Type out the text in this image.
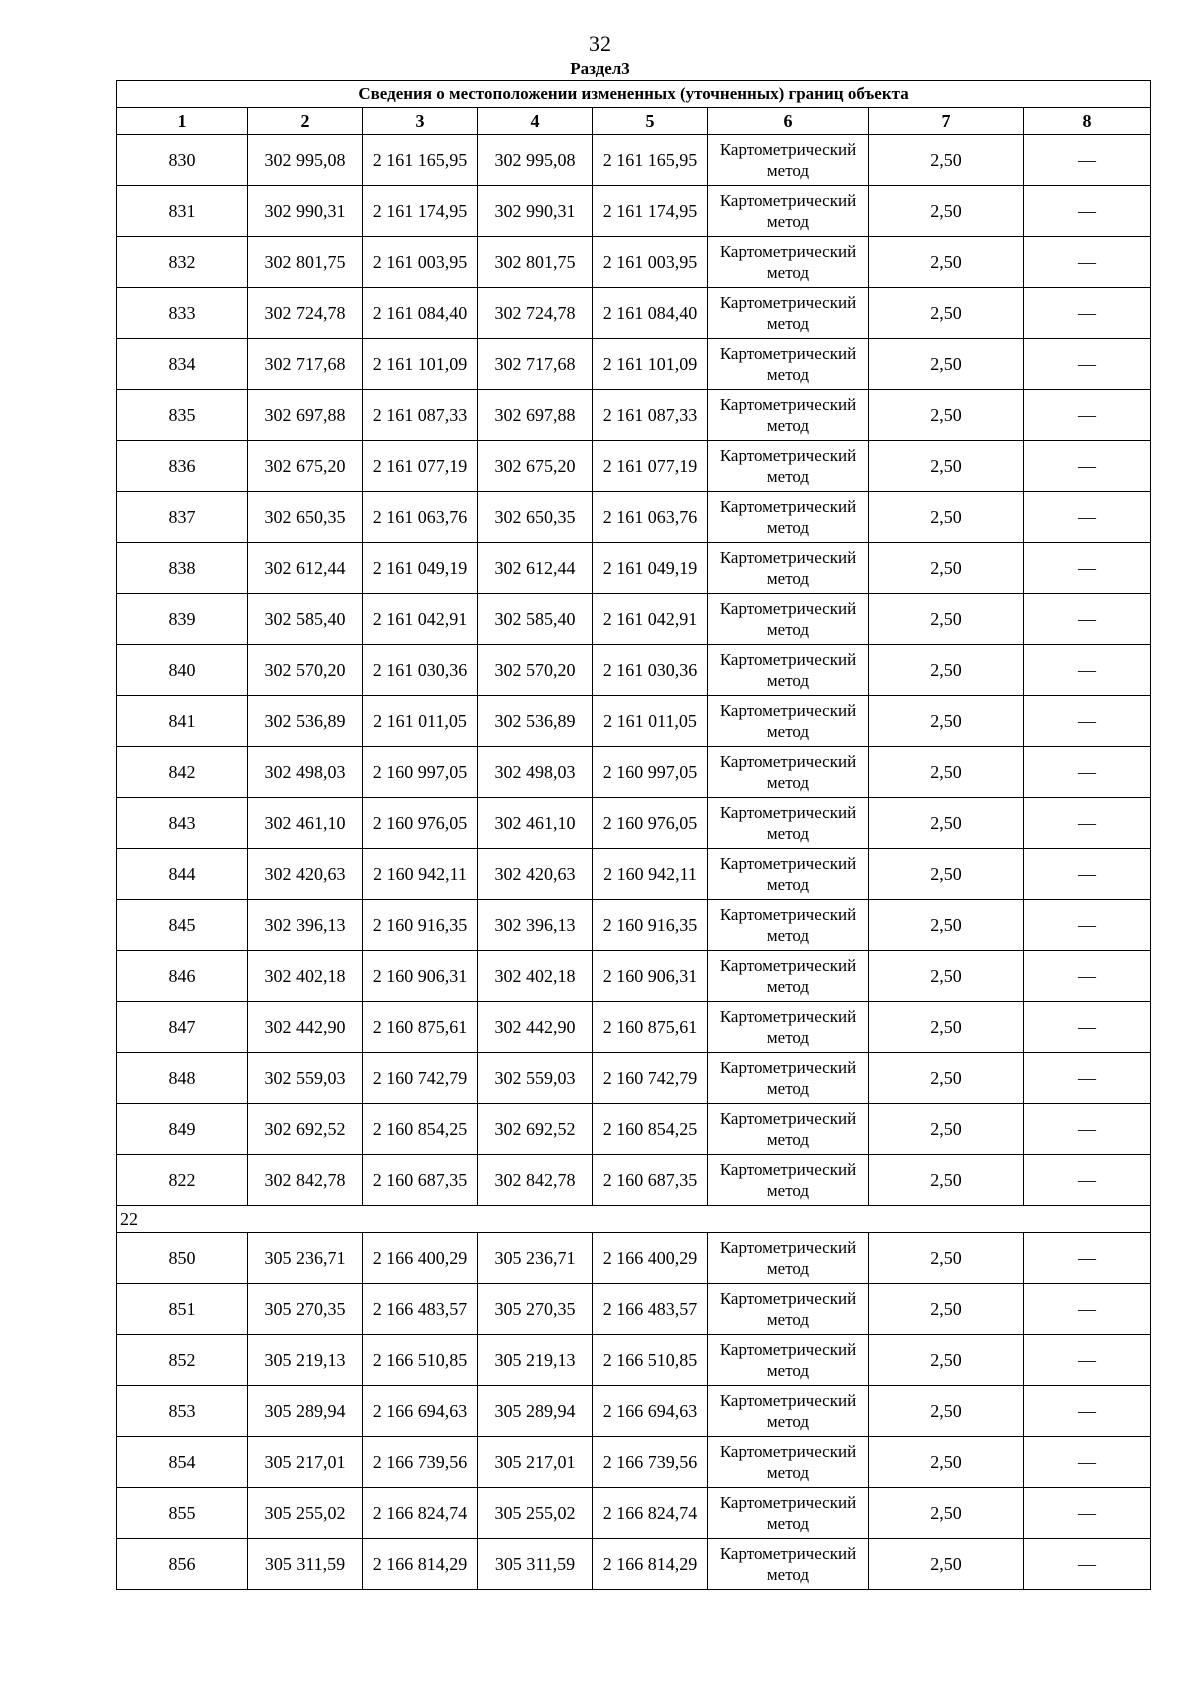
32
Раздел3
Сведения о местоположении измененных (уточненных) границ объекта							
1	2	3	4	5	6	7	8
830	302 995,08	2 161 165,95	302 995,08	2 161 165,95	Картометрический метод	2,50	—
831	302 990,31	2 161 174,95	302 990,31	2 161 174,95	Картометрический метод	2,50	—
832	302 801,75	2 161 003,95	302 801,75	2 161 003,95	Картометрический метод	2,50	—
833	302 724,78	2 161 084,40	302 724,78	2 161 084,40	Картометрический метод	2,50	—
834	302 717,68	2 161 101,09	302 717,68	2 161 101,09	Картометрический метод	2,50	—
835	302 697,88	2 161 087,33	302 697,88	2 161 087,33	Картометрический метод	2,50	—
836	302 675,20	2 161 077,19	302 675,20	2 161 077,19	Картометрический метод	2,50	—
837	302 650,35	2 161 063,76	302 650,35	2 161 063,76	Картометрический метод	2,50	—
838	302 612,44	2 161 049,19	302 612,44	2 161 049,19	Картометрический метод	2,50	—
839	302 585,40	2 161 042,91	302 585,40	2 161 042,91	Картометрический метод	2,50	—
840	302 570,20	2 161 030,36	302 570,20	2 161 030,36	Картометрический метод	2,50	—
841	302 536,89	2 161 011,05	302 536,89	2 161 011,05	Картометрический метод	2,50	—
842	302 498,03	2 160 997,05	302 498,03	2 160 997,05	Картометрический метод	2,50	—
843	302 461,10	2 160 976,05	302 461,10	2 160 976,05	Картометрический метод	2,50	—
844	302 420,63	2 160 942,11	302 420,63	2 160 942,11	Картометрический метод	2,50	—
845	302 396,13	2 160 916,35	302 396,13	2 160 916,35	Картометрический метод	2,50	—
846	302 402,18	2 160 906,31	302 402,18	2 160 906,31	Картометрический метод	2,50	—
847	302 442,90	2 160 875,61	302 442,90	2 160 875,61	Картометрический метод	2,50	—
848	302 559,03	2 160 742,79	302 559,03	2 160 742,79	Картометрический метод	2,50	—
849	302 692,52	2 160 854,25	302 692,52	2 160 854,25	Картометрический метод	2,50	—
822	302 842,78	2 160 687,35	302 842,78	2 160 687,35	Картометрический метод	2,50	—
22							
850	305 236,71	2 166 400,29	305 236,71	2 166 400,29	Картометрический метод	2,50	—
851	305 270,35	2 166 483,57	305 270,35	2 166 483,57	Картометрический метод	2,50	—
852	305 219,13	2 166 510,85	305 219,13	2 166 510,85	Картометрический метод	2,50	—
853	305 289,94	2 166 694,63	305 289,94	2 166 694,63	Картометрический метод	2,50	—
854	305 217,01	2 166 739,56	305 217,01	2 166 739,56	Картометрический метод	2,50	—
855	305 255,02	2 166 824,74	305 255,02	2 166 824,74	Картометрический метод	2,50	—
856	305 311,59	2 166 814,29	305 311,59	2 166 814,29	Картометрический метод	2,50	—
